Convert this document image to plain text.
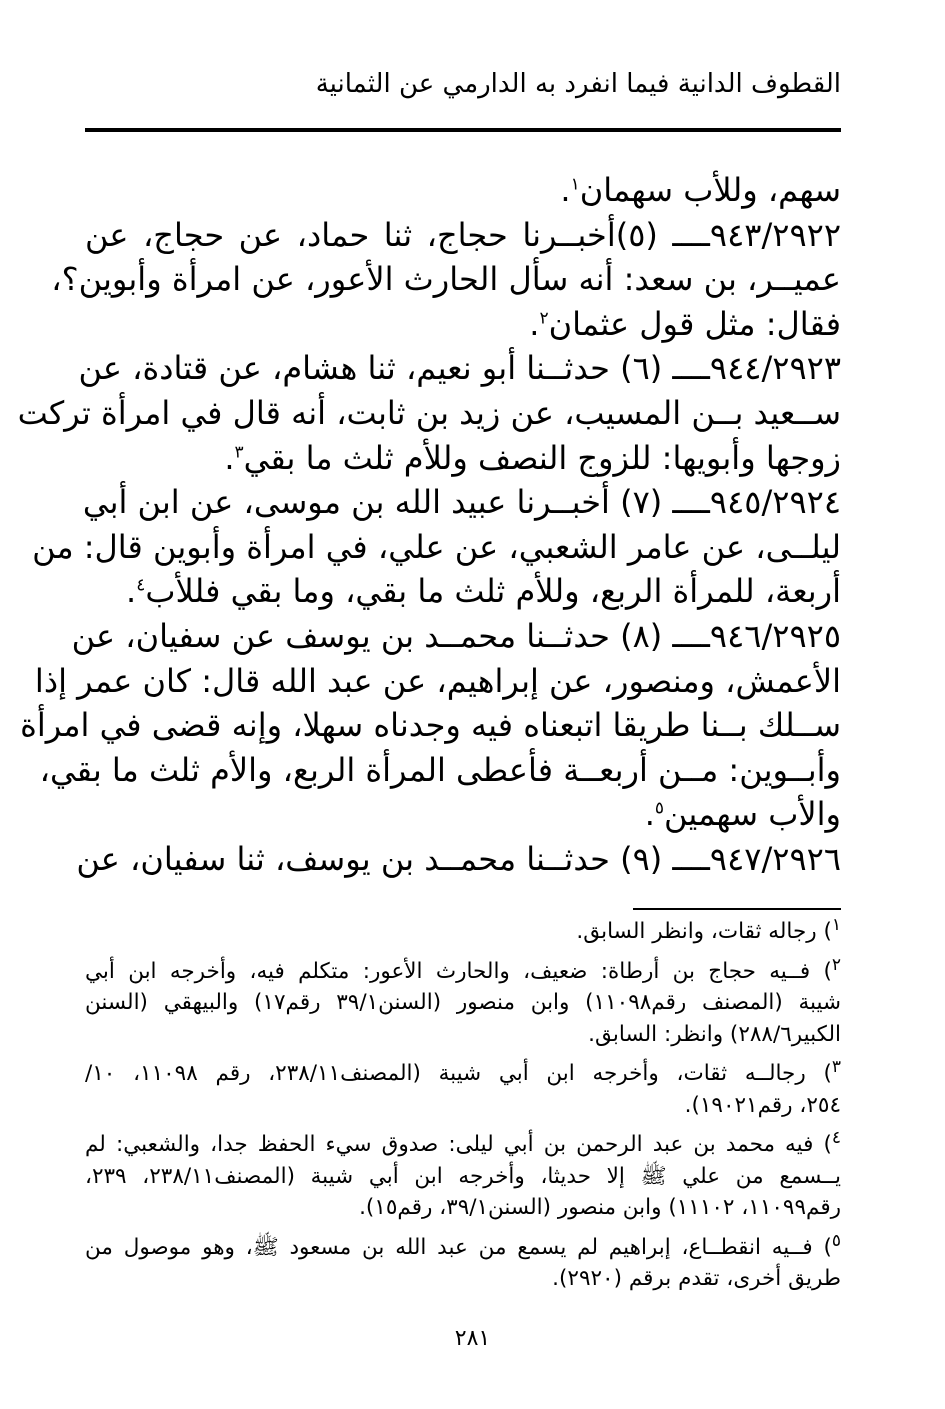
القطوف الدانية فيما انفرد به الدارمي عن الثمانية
سهم، وللأب سهمان$^١$.
٩٤٣/٢٩٢٢ــــ (٥)أخبــرنا حجاج، ثنا حماد، عن حجاج، عن
عميــر، بن سعد: أنه سأل الحارث الأعور، عن امرأة وأبوين؟،
فقال: مثل قول عثمان$^٢$.
٩٤٤/٢٩٢٣ــــ (٦) حدثــنا أبو نعيم، ثنا هشام، عن قتادة، عن
ســعيد بــن المسيب، عن زيد بن ثابت، أنه قال في امرأة تركت
زوجها وأبويها: للزوج النصف وللأم ثلث ما بقي$^٣$.
٩٤٥/٢٩٢٤ــــ (٧) أخبــرنا عبيد الله بن موسى، عن ابن أبي
ليلــى، عن عامر الشعبي، عن علي، في امرأة وأبوين قال: من
أربعة، للمرأة الربع، وللأم ثلث ما بقي، وما بقي فللأب$^٤$.
٩٤٦/٢٩٢٥ــــ (٨) حدثــنا محمــد بن يوسف عن سفيان، عن
الأعمش، ومنصور، عن إبراهيم، عن عبد الله قال: كان عمر إذا
ســلك بــنا طريقا اتبعناه فيه وجدناه سهلا، وإنه قضى في امرأة
وأبــوين: مــن أربعــة فأعطى المرأة الربع، والأم ثلث ما بقي،
والأب سهمين$^٥$.
٩٤٧/٢٩٢٦ــــ (٩) حدثــنا محمــد بن يوسف، ثنا سفيان، عن
$^١$) رجاله ثقات، وانظر السابق.
$^٢$) فــيه حجاج بن أرطاة: ضعيف، والحارث الأعور: متكلم فيه، وأخرجه ابن أبي
شيبة (المصنف رقم١١٠٩٨) وابن منصور (السنن٣٩/١ رقم١٧) والبيهقي (السنن
الكبير٢٨٨/٦) وانظر: السابق.
$^٣$) رجالــه ثقات، وأخرجه ابن أبي شيبة (المصنف٢٣٨/١١، رقم ١١٠٩٨، ١٠/
٢٥٤، رقم١٩٠٢١).
$^٤$) فيه محمد بن عبد الرحمن بن أبي ليلى: صدوق سيء الحفظ جدا، والشعبي: لم
يــسمع من علي ﷺ إلا حديثا، وأخرجه ابن أبي شيبة (المصنف٢٣٨/١١، ٢٣٩،
رقم١١٠٩٩، ١١١٠٢) وابن منصور (السنن٣٩/١، رقم١٥).
$^٥$) فــيه انقطــاع، إبراهيم لم يسمع من عبد الله بن مسعود ﷺ، وهو موصول من
طريق أخرى، تقدم برقم (٢٩٢٠).
٢٨١
